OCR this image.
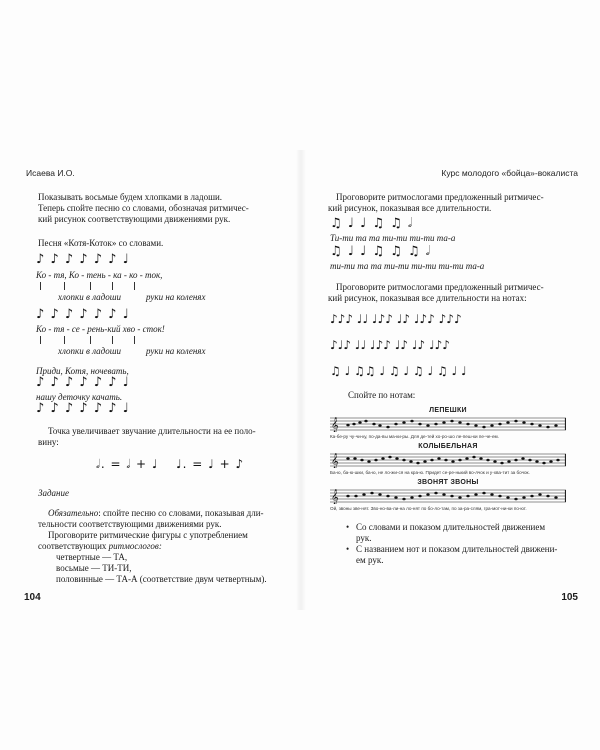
Исаева И.О.
Показывать восьмые будем хлопками в ладоши.
Теперь спойте песню со словами, обозначая ритмичес-
кий рисунок соответствующими движениями рук.
Песня «Котя-Коток» со словами.
♪ ♪ ♪ ♪ ♪ ♪ ♩
Ко - тя, Ко - тень - ка - ко - ток,
хлопки в ладоши	руки на коленях
♪ ♪ ♪ ♪ ♪ ♪ ♩
Ко - тя - се - рень-кий хво - сток!
хлопки в ладоши	руки на коленях
Приди, Котя, ночевать,
♪ ♪ ♪ ♪ ♪ ♪ ♩
нашу деточку качать.
♪ ♪ ♪ ♪ ♪ ♪ ♩
Точка увеличивает звучание длительности на ее поло-
вину:
𝅗𝅥. = 𝅗𝅥 + ♩ ♩. = ♩ + ♪
Задание
Обязательно: спойте песню со словами, показывая дли-
тельности соответствующими движениями рук.
Проговорите ритмические фигуры с употреблением
соответствующих ритмослогов:
четвертные — ТА,
восьмые — ТИ-ТИ,
половинные — ТА-А (соответствие двум четвертным).
104
Курс молодого «бойца»-вокалиста
Проговорите ритмослогами предложенный ритмичес-
кий рисунок, показывая все длительности.
♫ ♩ ♩ ♫ ♫ 𝅗𝅥
Ти-ти та та ти-ти ти-ти та-а
♫ ♩ ♩ ♫ ♫ ♫ 𝅗𝅥
ти-ти та та ти-ти ти-ти ти-ти та-а
Проговорите ритмослогами предложенный ритмичес-
кий рисунок, показывая все длительности на нотах:
♪♪♪ ♩♩ ♩♪♪ ♩♪ ♩♪♪ ♪♪♪
♪♩♪ ♩♩ ♩♪♪ ♩♪ ♩♪ ♩♪♪
♫ ♩ ♫♫ ♩ ♫ ♩ ♫ ♩ ♫ ♩ ♩
Спойте по нотам:
ЛЕПЕШКИ
𝄞
Ка-бе-ру чу-чи-ку, по-да-вы ма-ки-ры. Для де-тей хо-ро-шо ле-пеш-ки пе-че-ем.
КОЛЫБЕЛЬНАЯ
𝄞
Ба-ю, ба-ю-шки, ба-ю, не ло-жи-ся на кра-ю. Придет се-ре-нький во-лчок и у-хва-тит за бочок.
ЗВОНЯТ ЗВОНЫ
𝄞
Ой, звоны зве-нят. Зво-но-ва-ли-на ло-нят по бо-ло-там, по за-ра-слям, гра-мот-ни-ки по-ют.
• Со словами и показом длительностей движением
рук.
• С названием нот и показом длительностей движени-
ем рук.
105
